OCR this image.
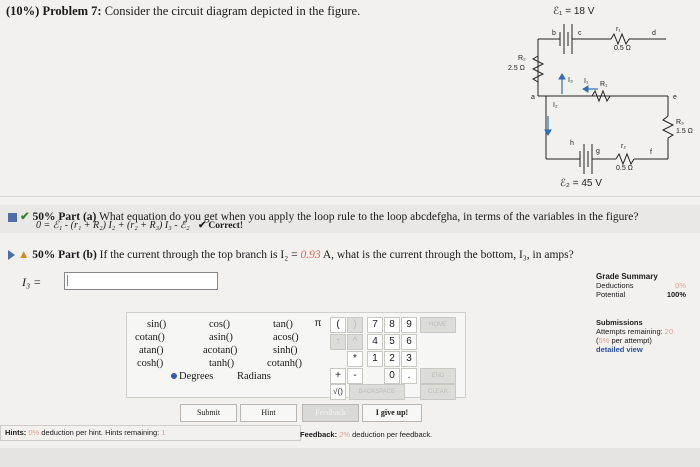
(10%) Problem 7: Consider the circuit diagram depicted in the figure.	ℰ₁ = 18 V
b	c
r₁
d
0.5 Ω
R₂
2.5 Ω
a
I₃ I₁ R₁
e
I₂
R₃
1.5 Ω
h
g
r₂
f
0.5 Ω
ℰ₂ = 45 V
✔ 50% Part (a) What equation do you get when you apply the loop rule to the loop abcdefgha, in terms of the variables in the figure?
0 = ℰ₁ - (r₁ + R₂) I₂ + (r₂ + R₃) I₃ - ℰ₂ ✔ Correct!
▲ 50% Part (b) If the current through the top branch is I₂ = 0.93 A, what is the current through the bottom, I₃, in amps?
I₃ =	Grade Summary
Deductions	0%
Potential	100%
Submissions
Attempts remaining: 20
(5% per attempt)
detailed view
sin()	cos()	tan()
cotan()	asin()	acos()
atan()	acotan()	sinh()
cosh()	tanh()	cotanh()
Degrees Radians
π	(
↑	^
)
*
+	-
√()
7	8	9
4	5	6
1	2	3
0	.
HOME
END
BACKSPACE	CLEAR
Submit	Hint	Feedback	I give up!
Hints: 0% deduction per hint. Hints remaining: 1	Feedback: 2% deduction per feedback.
